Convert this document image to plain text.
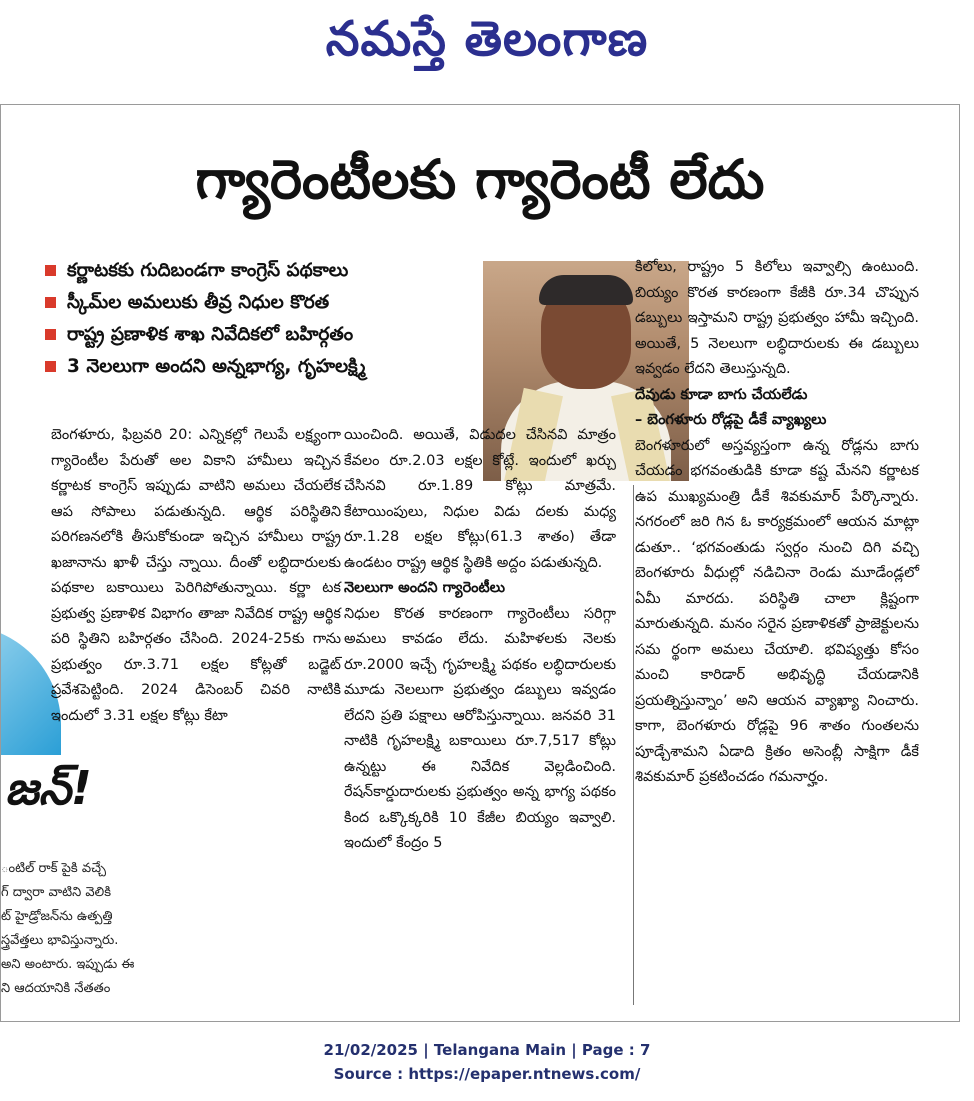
నమస్తే తెలంగాణ
గ్యారెంటీలకు గ్యారెంటీ లేదు
కర్ణాటకకు గుదిబండగా కాంగ్రెస్ పథకాలు
స్కీమ్‌ల అమలుకు తీవ్ర నిధుల కొరత
రాష్ట్ర ప్రణాళిక శాఖ నివేదికలో బహిర్గతం
3 నెలలుగా అందని అన్నభాగ్య, గృహలక్ష్మి
జన్!
ంటిల్ రాక్ పైకి వచ్చే
గ్ ద్వారా వాటిని వెలికి
ట్ హైడ్రోజన్‌ను ఉత్పత్తి
స్త్రవేత్తలు భావిస్తున్నారు.
అని అంటారు. ఇప్పుడు ఈ
ని ఆదయానికి నేతతం

బెంగళూరు, ఫిబ్రవరి 20: ఎన్నికల్లో గెలుపే లక్ష్యంగా గ్యారెంటీల పేరుతో అల వికాని హామీలు ఇచ్చిన కర్ణాటక కాంగ్రెస్ ఇప్పుడు వాటిని అమలు చేయలేక ఆప సోపాలు పడుతున్నది. ఆర్థిక పరిస్థితిని పరిగణనలోకి తీసుకోకుండా ఇచ్చిన హామీలు రాష్ట్ర ఖజానాను ఖాళీ చేస్తు న్నాయి. దీంతో లబ్ధిదారులకు పథకాల బకాయిలు పెరిగిపోతున్నాయి. కర్ణా టక ప్రభుత్వ ప్రణాళిక విభాగం తాజా నివేదిక రాష్ట్ర ఆర్థిక పరి స్థితిని బహిర్గతం చేసింది. 2024-25కు గాను ప్రభుత్వం రూ.3.71 లక్షల కోట్లతో బడ్జెట్ ప్రవేశపెట్టింది. 2024 డిసెంబర్ చివరి నాటికి ఇందులో 3.31 లక్షల కోట్లు కేటా

యించింది. అయితే, విడుదల చేసినవి మాత్రం కేవలం రూ.2.03 లక్షల కోట్లే. ఇందులో ఖర్చు చేసినవి రూ.1.89 కోట్లు మాత్రమే. కేటాయింపులు, నిధుల విడు దలకు మధ్య రూ.1.28 లక్షల కోట్లు(61.3 శాతం) తేడా ఉండటం రాష్ట్ర ఆర్థిక స్థితికి అద్దం పడుతున్నది.

నెలలుగా అందని గ్యారెంటీలు

నిధుల కొరత కారణంగా గ్యారెంటీలు సరిగ్గా అమలు కావడం లేదు. మహిళలకు నెలకు రూ.2000 ఇచ్చే గృహలక్ష్మి పథకం లబ్ధిదారులకు మూడు నెలలుగా ప్రభుత్వం డబ్బులు ఇవ్వడం లేదని ప్రతి పక్షాలు ఆరోపిస్తున్నాయి. జనవరి 31 నాటికి గృహలక్ష్మి బకాయిలు రూ.7,517 కోట్లు ఉన్నట్టు ఈ నివేదిక వెల్లడించింది. రేషన్‌కార్డుదారులకు ప్రభుత్వం అన్న భాగ్య పథకం కింద ఒక్కొక్కరికి 10 కేజీల బియ్యం ఇవ్వాలి. ఇందులో కేంద్రం 5

కిలోలు, రాష్ట్రం 5 కిలోలు ఇవ్వాల్సి ఉంటుంది. బియ్యం కొరత కారణంగా కేజీకి రూ.34 చొప్పున డబ్బులు ఇస్తామని రాష్ట్ర ప్రభుత్వం హామీ ఇచ్చింది. అయితే, 5 నెలలుగా లబ్ధిదారులకు ఈ డబ్బులు ఇవ్వడం లేదని తెలుస్తున్నది.

దేవుడు కూడా బాగు చేయలేడు

– బెంగళూరు రోడ్లపై డీకే వ్యాఖ్యలు

బెంగళూరులో అస్తవ్యస్తంగా ఉన్న రోడ్లను బాగు చేయడం భగవంతుడికి కూడా కష్ట మేనని కర్ణాటక ఉప ముఖ్యమంత్రి డీకే శివకుమార్ పేర్కొన్నారు. నగరంలో జరి గిన ఓ కార్యక్రమంలో ఆయన మాట్లా డుతూ.. ‘భగవంతుడు స్వర్గం నుంచి దిగి వచ్చి బెంగళూరు వీధుల్లో నడిచినా రెండు మూడేండ్లలో ఏమీ మారదు. పరిస్థితి చాలా క్లిష్టంగా మారుతున్నది. మనం సరైన ప్రణాళికతో ప్రాజెక్టులను సమ ర్థంగా అమలు చేయాలి. భవిష్యత్తు కోసం మంచి కారిడార్ అభివృద్ధి చేయడానికి ప్రయత్నిస్తున్నాం’ అని ఆయన వ్యాఖ్యా నించారు. కాగా, బెంగళూరు రోడ్లపై 96 శాతం గుంతలను పూడ్చేశామని ఏడాది క్రితం అసెంబ్లీ సాక్షిగా డీకే శివకుమార్ ప్రకటించడం గమనార్హం.

21/02/2025 | Telangana Main | Page : 7
Source : https://epaper.ntnews.com/
